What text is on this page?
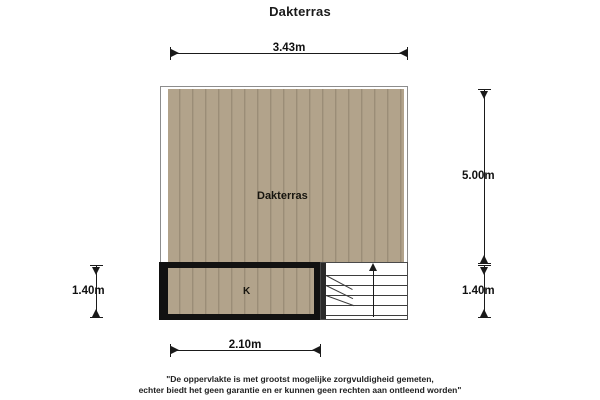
Dakterras
3.43m
Dakterras
K
5.00m
1.40m
1.40m
2.10m
"De oppervlakte is met grootst mogelijke zorgvuldigheid gemeten,
echter biedt het geen garantie en er kunnen geen rechten aan ontleend worden"
